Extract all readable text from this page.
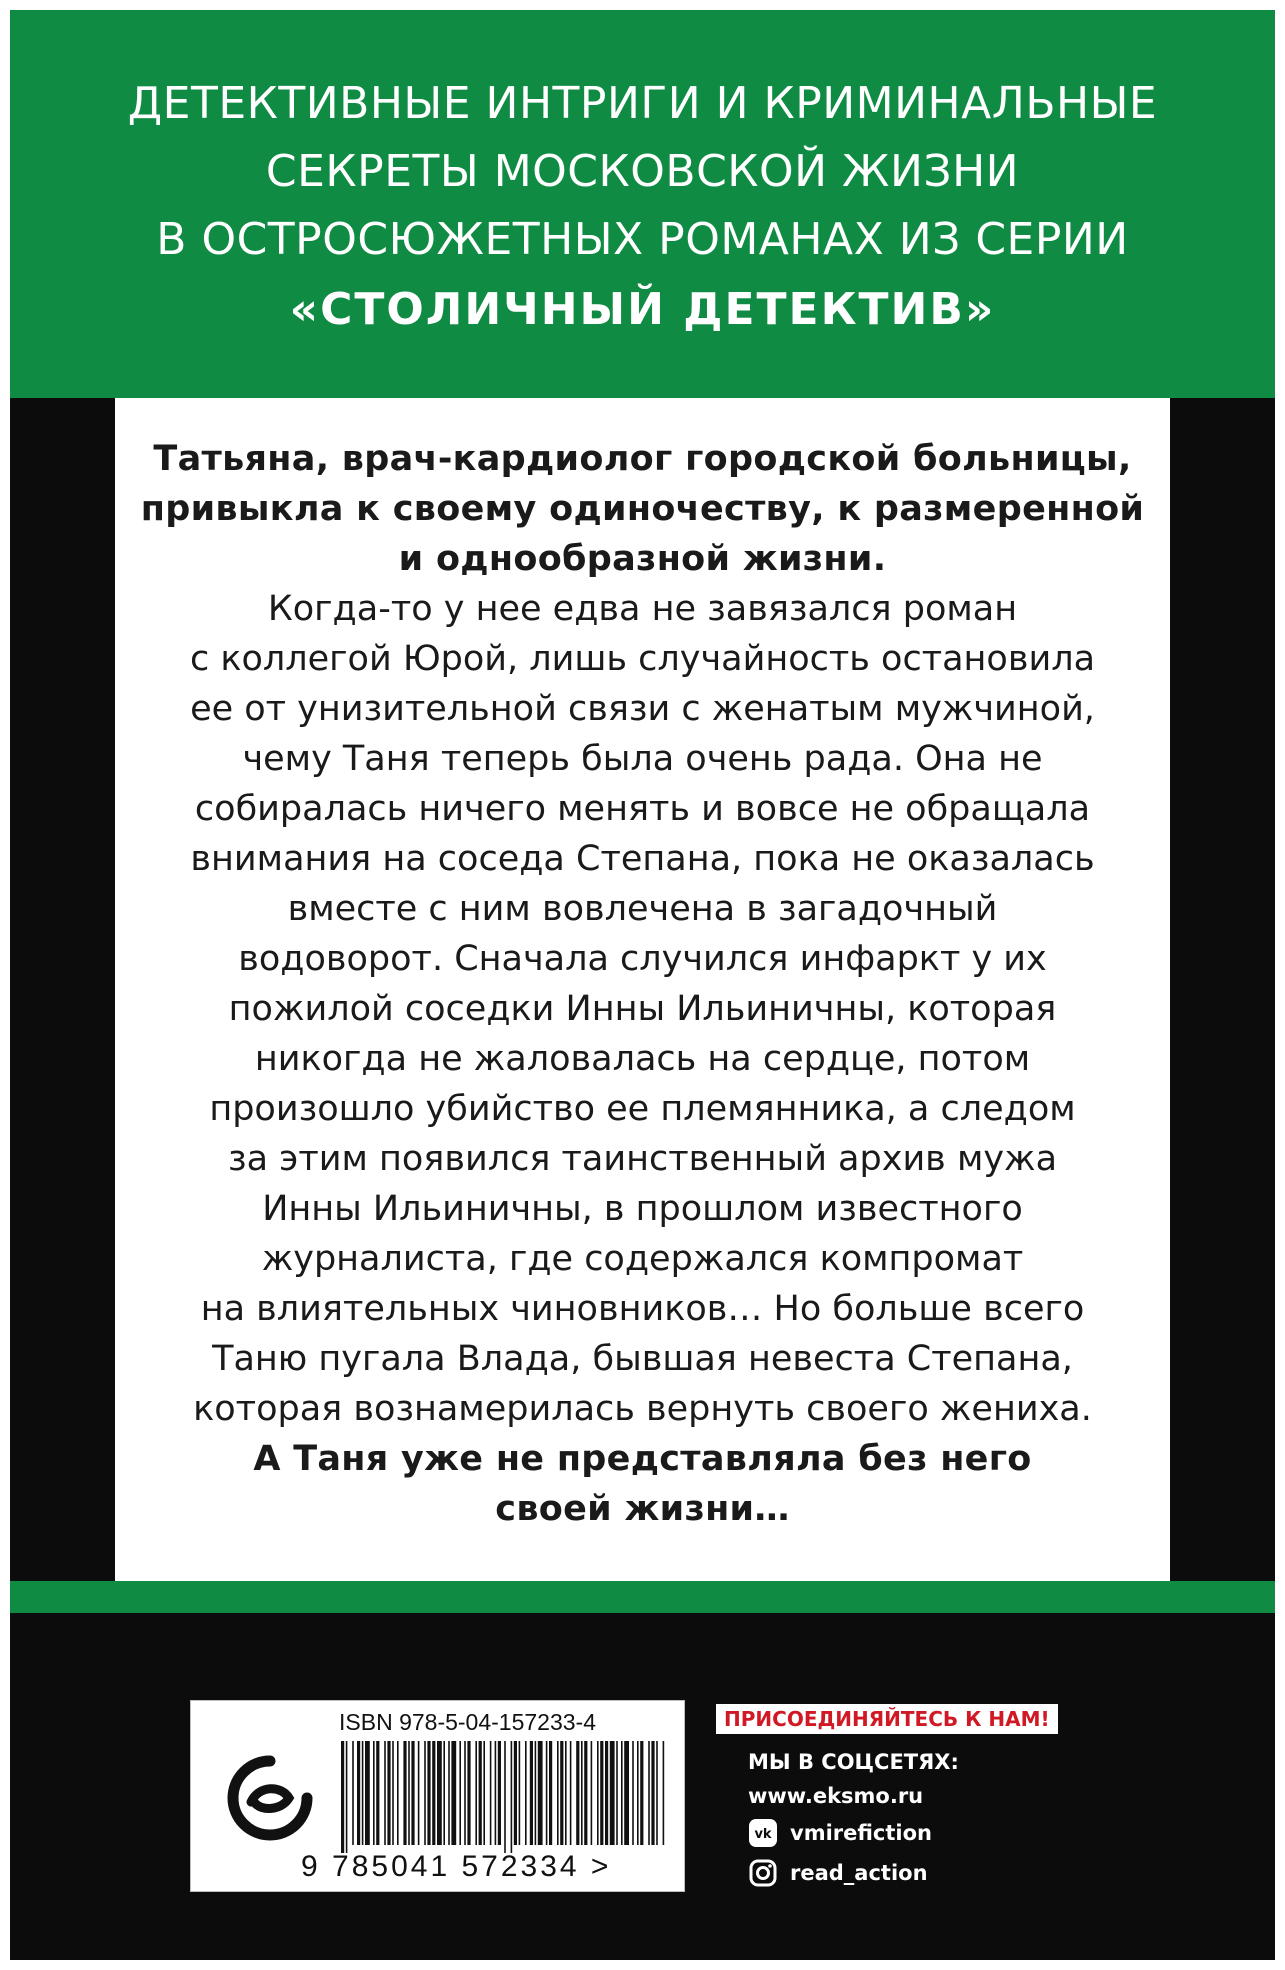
ДЕТЕКТИВНЫЕ ИНТРИГИ И КРИМИНАЛЬНЫЕ
СЕКРЕТЫ МОСКОВСКОЙ ЖИЗНИ
В ОСТРОСЮЖЕТНЫХ РОМАНАХ ИЗ СЕРИИ
«СТОЛИЧНЫЙ ДЕТЕКТИВ»
Татьяна, врач-кардиолог городской больницы,
привыкла к своему одиночеству, к размеренной
и однообразной жизни.
Когда-то у нее едва не завязался роман
с коллегой Юрой, лишь случайность остановила
ее от унизительной связи с женатым мужчиной,
чему Таня теперь была очень рада. Она не
собиралась ничего менять и вовсе не обращала
внимания на соседа Степана, пока не оказалась
вместе с ним вовлечена в загадочный
водоворот. Сначала случился инфаркт у их
пожилой соседки Инны Ильиничны, которая
никогда не жаловалась на сердце, потом
произошло убийство ее племянника, а следом
за этим появился таинственный архив мужа
Инны Ильиничны, в прошлом известного
журналиста, где содержался компромат
на влиятельных чиновников… Но больше всего
Таню пугала Влада, бывшая невеста Степана,
которая вознамерилась вернуть своего жениха.
А Таня уже не представляла без него
своей жизни…
ISBN 978-5-04-157233-4
9 785041 572334 >
ПРИСОЕДИНЯЙТЕСЬ К НАМ!
МЫ В СОЦСЕТЯХ:
www.eksmo.ru
vk vmirefiction
read_action
